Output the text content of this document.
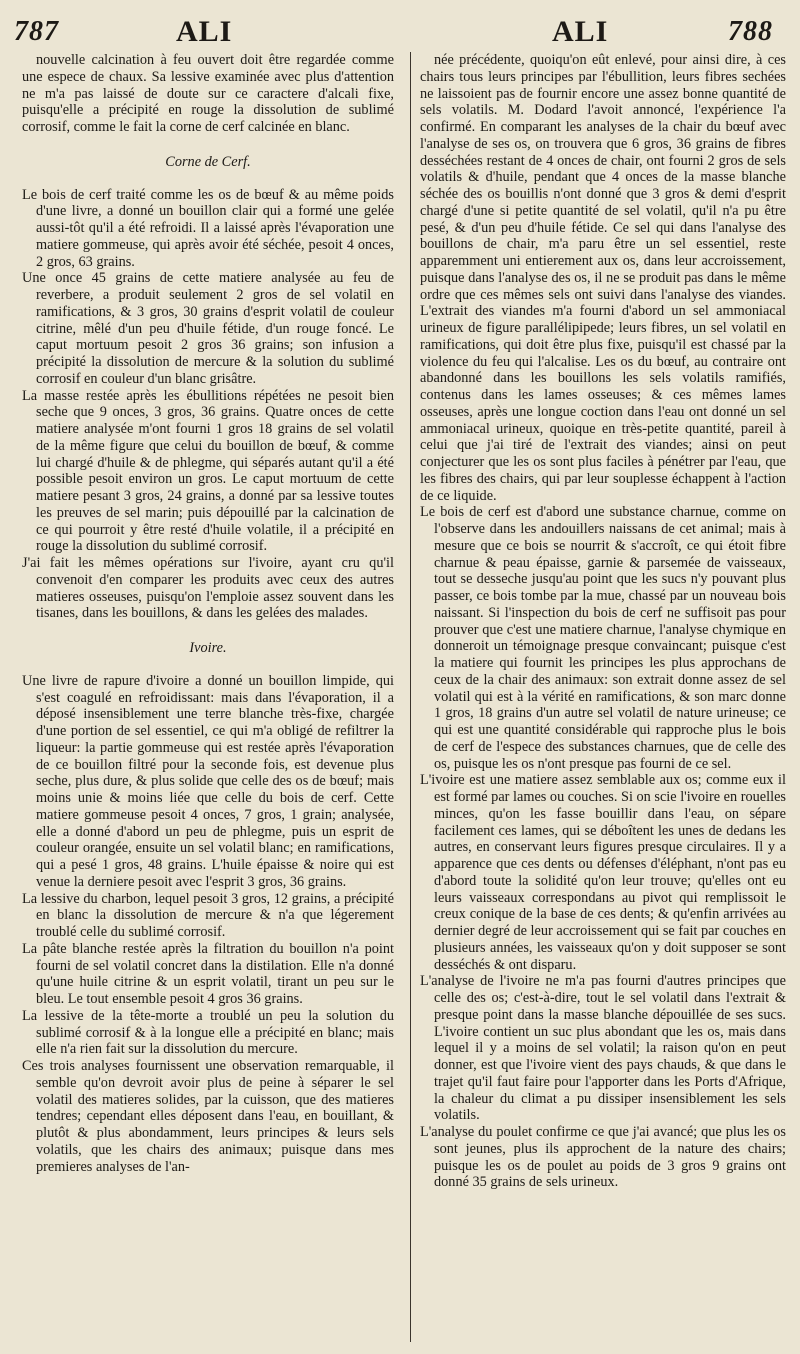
787	ALI	ALI	788

nouvelle calcination à feu ouvert doit être regardée comme une espece de chaux. Sa lessive examinée avec plus d'attention ne m'a pas laissé de doute sur ce caractere d'alcali fixe, puisqu'elle a précipité en rouge la dissolution de sublimé corrosif, comme le fait la corne de cerf calcinée en blanc.

Corne de Cerf.

Le bois de cerf traité comme les os de bœuf & au même poids d'une livre, a donné un bouillon clair qui a formé une gelée aussi-tôt qu'il a été refroidi. Il a laissé après l'évaporation une matiere gommeuse, qui après avoir été séchée, pesoit 4 onces, 2 gros, 63 grains.

Une once 45 grains de cette matiere analysée au feu de reverbere, a produit seulement 2 gros de sel volatil en ramifications, & 3 gros, 30 grains d'esprit volatil de couleur citrine, mêlé d'un peu d'huile fétide, d'un rouge foncé. Le caput mortuum pesoit 2 gros 36 grains; son infusion a précipité la dissolution de mercure & la solution du sublimé corrosif en couleur d'un blanc grisâtre.

La masse restée après les ébullitions répétées ne pesoit bien seche que 9 onces, 3 gros, 36 grains. Quatre onces de cette matiere analysée m'ont fourni 1 gros 18 grains de sel volatil de la même figure que celui du bouillon de bœuf, & comme lui chargé d'huile & de phlegme, qui séparés autant qu'il a été possible pesoit environ un gros. Le caput mortuum de cette matiere pesant 3 gros, 24 grains, a donné par sa lessive toutes les preuves de sel marin; puis dépouillé par la calcination de ce qui pourroit y être resté d'huile volatile, il a précipité en rouge la dissolution du sublimé corrosif.

J'ai fait les mêmes opérations sur l'ivoire, ayant cru qu'il convenoit d'en comparer les produits avec ceux des autres matieres osseuses, puisqu'on l'emploie assez souvent dans les tisanes, dans les bouillons, & dans les gelées des malades.

Ivoire.

Une livre de rapure d'ivoire a donné un bouillon limpide, qui s'est coagulé en refroidissant: mais dans l'évaporation, il a déposé insensiblement une terre blanche très-fixe, chargée d'une portion de sel essentiel, ce qui m'a obligé de refiltrer la liqueur: la partie gommeuse qui est restée après l'évaporation de ce bouillon filtré pour la seconde fois, est devenue plus seche, plus dure, & plus solide que celle des os de bœuf; mais moins unie & moins liée que celle du bois de cerf. Cette matiere gommeuse pesoit 4 onces, 7 gros, 1 grain; analysée, elle a donné d'abord un peu de phlegme, puis un esprit de couleur orangée, ensuite un sel volatil blanc; en ramifications, qui a pesé 1 gros, 48 grains. L'huile épaisse & noire qui est venue la derniere pesoit avec l'esprit 3 gros, 36 grains.

La lessive du charbon, lequel pesoit 3 gros, 12 grains, a précipité en blanc la dissolution de mercure & n'a que légerement troublé celle du sublimé corrosif.

La pâte blanche restée après la filtration du bouillon n'a point fourni de sel volatil concret dans la distilation. Elle n'a donné qu'une huile citrine & un esprit volatil, tirant un peu sur le bleu. Le tout ensemble pesoit 4 gros 36 grains.

La lessive de la tête-morte a troublé un peu la solution du sublimé corrosif & à la longue elle a précipité en blanc; mais elle n'a rien fait sur la dissolution du mercure.

Ces trois analyses fournissent une observation remarquable, il semble qu'on devroit avoir plus de peine à séparer le sel volatil des matieres solides, par la cuisson, que des matieres tendres; cependant elles déposent dans l'eau, en bouillant, & plutôt & plus abondamment, leurs principes & leurs sels volatils, que les chairs des animaux; puisque dans mes premieres analyses de l'an-

née précédente, quoiqu'on eût enlevé, pour ainsi dire, à ces chairs tous leurs principes par l'ébullition, leurs fibres sechées ne laissoient pas de fournir encore une assez bonne quantité de sels volatils. M. Dodard l'avoit annoncé, l'expérience l'a confirmé. En comparant les analyses de la chair du bœuf avec l'analyse de ses os, on trouvera que 6 gros, 36 grains de fibres desséchées restant de 4 onces de chair, ont fourni 2 gros de sels volatils & d'huile, pendant que 4 onces de la masse blanche séchée des os bouillis n'ont donné que 3 gros & demi d'esprit chargé d'une si petite quantité de sel volatil, qu'il n'a pu être pesé, & d'un peu d'huile fétide. Ce sel qui dans l'analyse des bouillons de chair, m'a paru être un sel essentiel, reste apparemment uni entierement aux os, dans leur accroissement, puisque dans l'analyse des os, il ne se produit pas dans le même ordre que ces mêmes sels ont suivi dans l'analyse des viandes. L'extrait des viandes m'a fourni d'abord un sel ammoniacal urineux de figure parallélipipede; leurs fibres, un sel volatil en ramifications, qui doit être plus fixe, puisqu'il est chassé par la violence du feu qui l'alcalise. Les os du bœuf, au contraire ont abandonné dans les bouillons les sels volatils ramifiés, contenus dans les lames osseuses; & ces mêmes lames osseuses, après une longue coction dans l'eau ont donné un sel ammoniacal urineux, quoique en très-petite quantité, pareil à celui que j'ai tiré de l'extrait des viandes; ainsi on peut conjecturer que les os sont plus faciles à pénétrer par l'eau, que les fibres des chairs, qui par leur souplesse échappent à l'action de ce liquide.

Le bois de cerf est d'abord une substance charnue, comme on l'observe dans les andouillers naissans de cet animal; mais à mesure que ce bois se nourrit & s'accroît, ce qui étoit fibre charnue & peau épaisse, garnie & parsemée de vaisseaux, tout se desseche jusqu'au point que les sucs n'y pouvant plus passer, ce bois tombe par la mue, chassé par un nouveau bois naissant. Si l'inspection du bois de cerf ne suffisoit pas pour prouver que c'est une matiere charnue, l'analyse chymique en donneroit un témoignage presque convaincant; puisque c'est la matiere qui fournit les principes les plus approchans de ceux de la chair des animaux: son extrait donne assez de sel volatil qui est à la vérité en ramifications, & son marc donne 1 gros, 18 grains d'un autre sel volatil de nature urineuse; ce qui est une quantité considérable qui rapproche plus le bois de cerf de l'espece des substances charnues, que de celle des os, puisque les os n'ont presque pas fourni de ce sel.

L'ivoire est une matiere assez semblable aux os; comme eux il est formé par lames ou couches. Si on scie l'ivoire en rouelles minces, qu'on les fasse bouillir dans l'eau, on sépare facilement ces lames, qui se déboîtent les unes de dedans les autres, en conservant leurs figures presque circulaires. Il y a apparence que ces dents ou défenses d'éléphant, n'ont pas eu d'abord toute la solidité qu'on leur trouve; qu'elles ont eu leurs vaisseaux correspondans au pivot qui remplissoit le creux conique de la base de ces dents; & qu'enfin arrivées au dernier degré de leur accroissement qui se fait par couches en plusieurs années, les vaisseaux qu'on y doit supposer se sont desséchés & ont disparu.

L'analyse de l'ivoire ne m'a pas fourni d'autres principes que celle des os; c'est-à-dire, tout le sel volatil dans l'extrait & presque point dans la masse blanche dépouillée de ses sucs. L'ivoire contient un suc plus abondant que les os, mais dans lequel il y a moins de sel volatil; la raison qu'on en peut donner, est que l'ivoire vient des pays chauds, & que dans le trajet qu'il faut faire pour l'apporter dans les Ports d'Afrique, la chaleur du climat a pu dissiper insensiblement les sels volatils.

L'analyse du poulet confirme ce que j'ai avancé; que plus les os sont jeunes, plus ils approchent de la nature des chairs; puisque les os de poulet au poids de 3 gros 9 grains ont donné 35 grains de sels urineux.
